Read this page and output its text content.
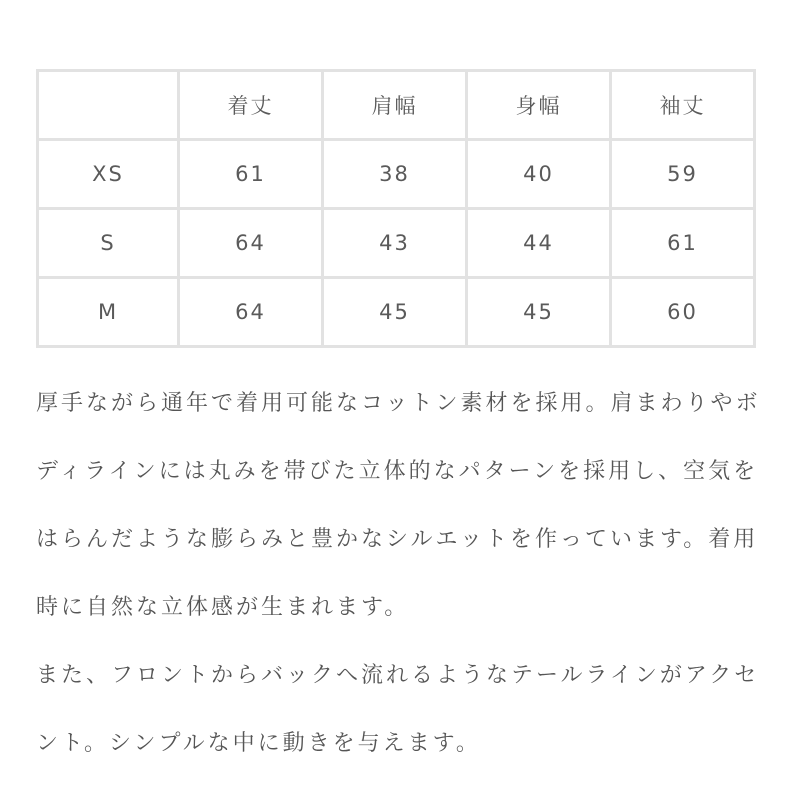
	着丈	肩幅	身幅	袖丈
XS	61	38	40	59
S	64	43	44	61
M	64	45	45	60

厚手ながら通年で着用可能なコットン素材を採用。肩まわりやボ

ディラインには丸みを帯びた立体的なパターンを採用し、空気を

はらんだような膨らみと豊かなシルエットを作っています。着用

時に自然な立体感が生まれます。

また、フロントからバックへ流れるようなテールラインがアクセ

ント。シンプルな中に動きを与えます。
